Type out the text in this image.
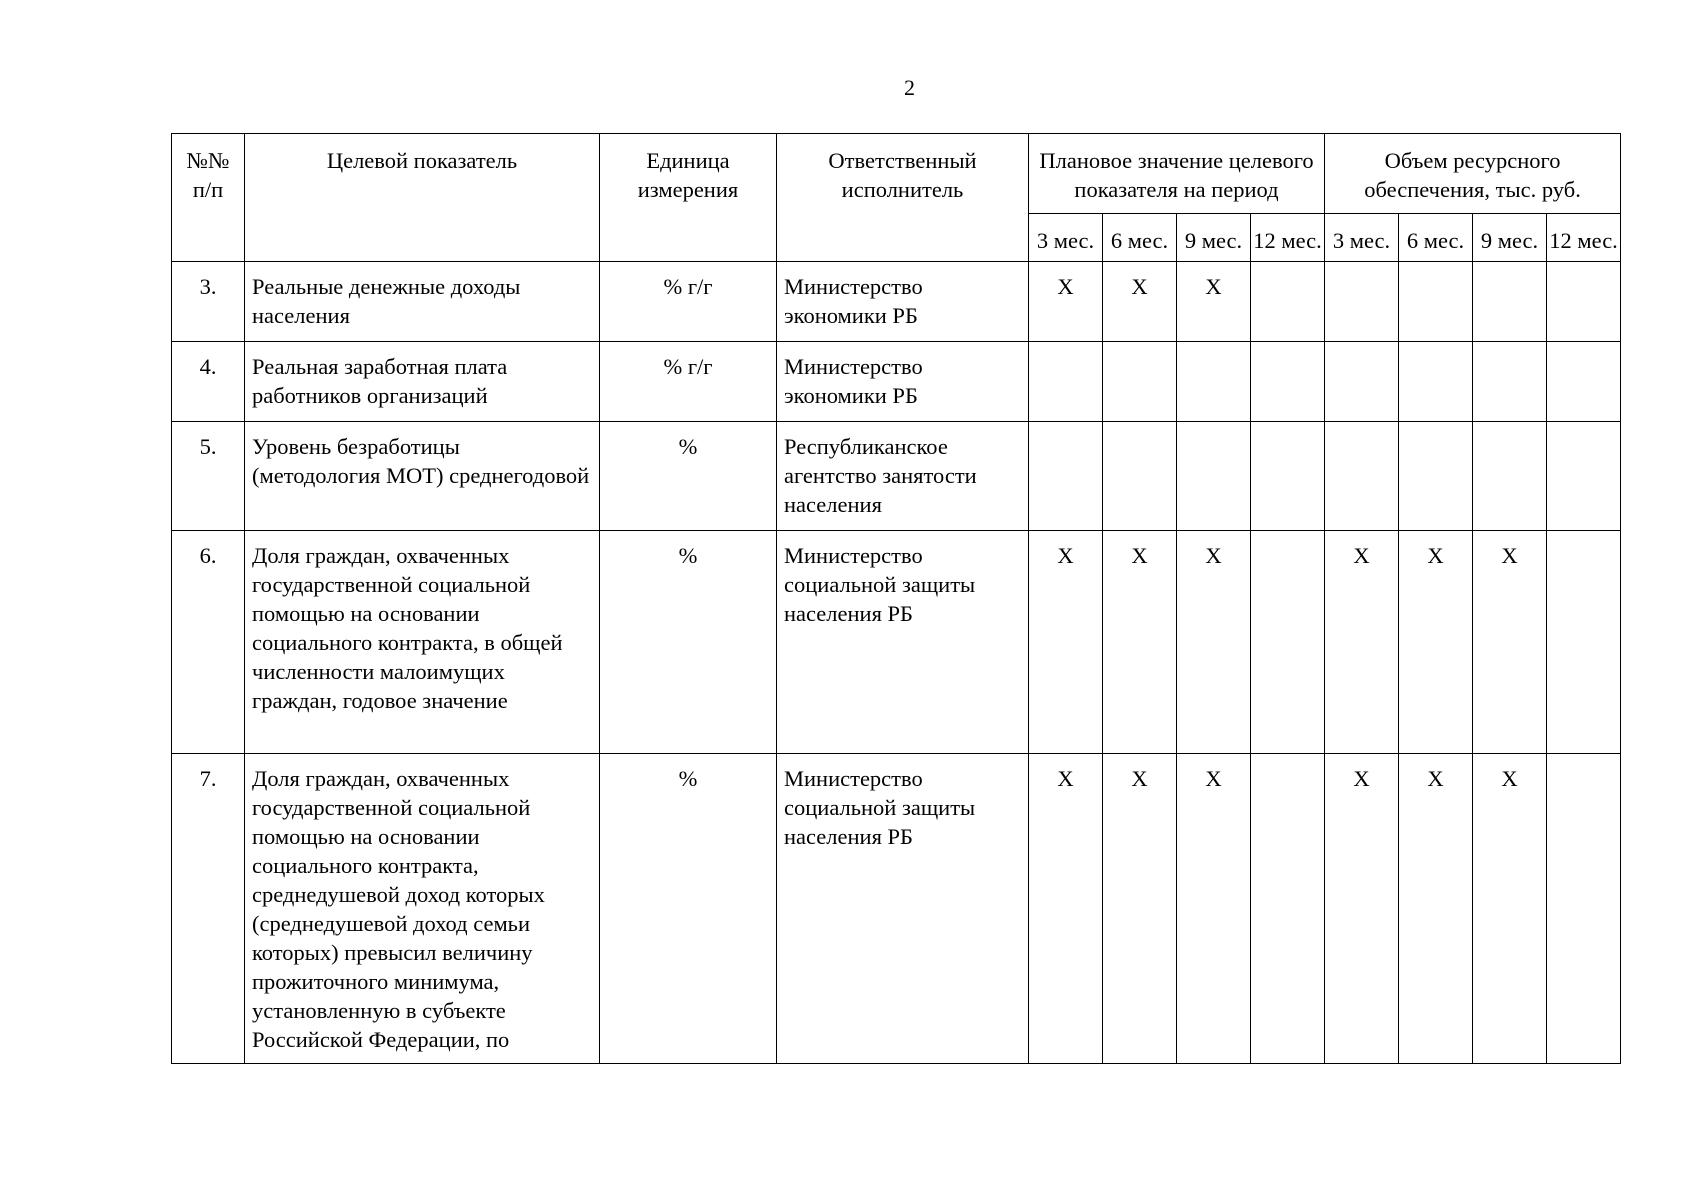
2
№№ п/п	Целевой показатель	Единица измерения	Ответственный исполнитель	Плановое значение целевого показателя на период				Объем ресурсного обеспечения, тыс. руб.			
				3 мес.	6 мес.	9 мес.	12 мес.	3 мес.	6 мес.	9 мес.	12 мес.
3.	Реальные денежные доходы населения	% г/г	Министерство экономики РБ	Х	Х	Х					
4.	Реальная заработная плата работников организаций	% г/г	Министерство экономики РБ								
5.	Уровень безработицы (методология МОТ) среднегодовой	%	Республиканское агентство занятости населения								
6.	Доля граждан, охваченных государственной социальной помощью на основании социального контракта, в общей численности малоимущих граждан, годовое значение	%	Министерство социальной защиты населения РБ	Х	Х	Х		Х	Х	Х	
7.	Доля граждан, охваченных государственной социальной помощью на основании социального контракта, среднедушевой доход которых (среднедушевой доход семьи которых) превысил величину прожиточного минимума, установленную в субъекте Российской Федерации, по	%	Министерство социальной защиты населения РБ	Х	Х	Х		Х	Х	Х	
